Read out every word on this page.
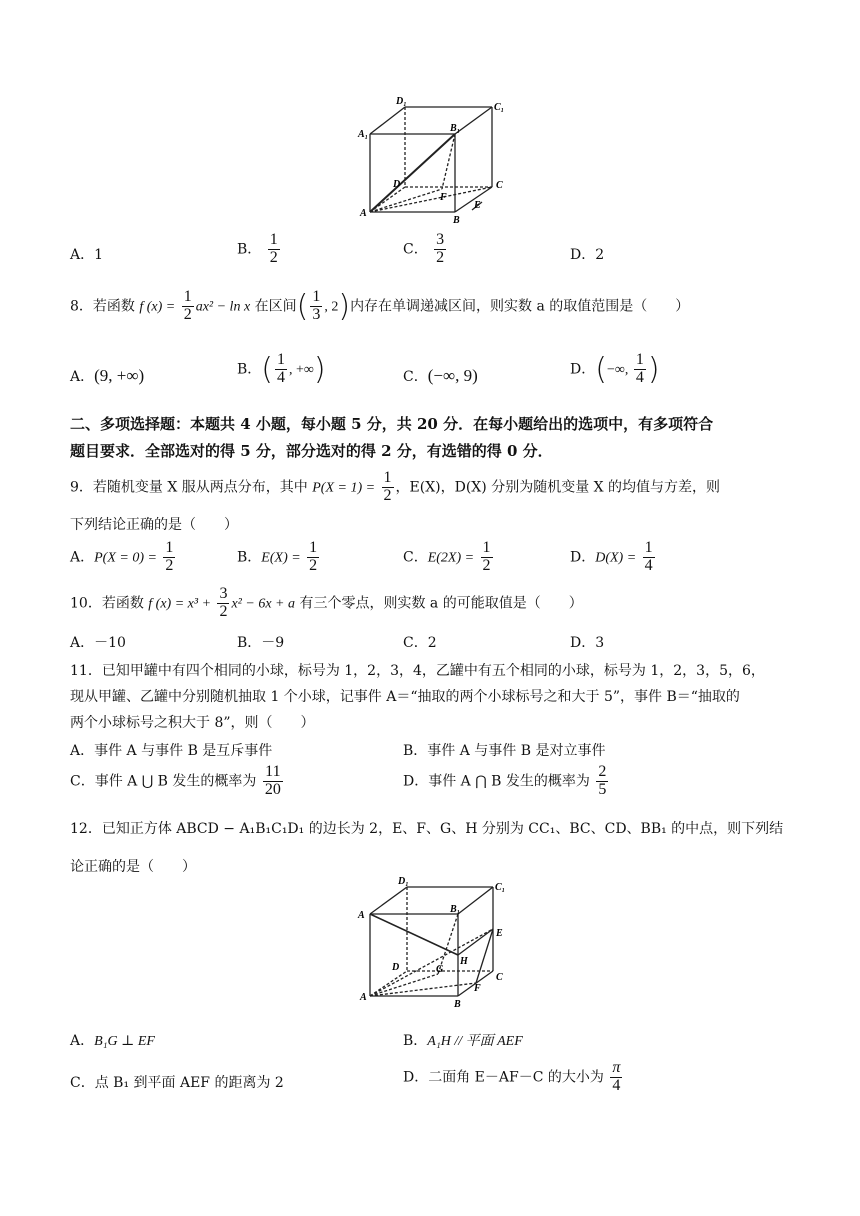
D₁
C₁
A₁
B₁
D	C
F
A
E
B
A．1	B． $\frac{1}{2}$	C． $\frac{3}{2}$	D．2
8．若函数 f $(x) = \frac{1}{2} ax^2 - \ln x$ 在区间( $\frac{1}{3}$ , 2)内存在单调递减区间，则实数 a 的取值范围是（　　）
A．(9, +∞)	B．( $\frac{1}{4}$ , +∞)	C．(−∞, 9)	D．(−∞, $\frac{1}{4}$ )
二、多项选择题：本题共 4 小题，每小题 5 分，共 20 分．在每小题给出的选项中，有多项符合
题目要求．全部选对的得 5 分，部分选对的得 2 分，有选错的得 0 分．
9．若随机变量 X 服从两点分布，其中 $P(X = 1) = \frac{1}{2}$ ，E(X)，D(X) 分别为随机变量 X 的均值与方差，则
下列结论正确的是（　　）
A．$P(X = 0) = \frac{1}{2}$	B．$E(X) = \frac{1}{2}$	C．$E(2X) = \frac{1}{2}$	D．$D(X) = \frac{1}{4}$
10．若函数 f $(x) = x^3 + \frac{3}{2} x^2 - 6x + a$ 有三个零点，则实数 a 的可能取值是（　　）
A．－10	B．－9	C．2	D．3
11．已知甲罐中有四个相同的小球，标号为 1，2，3，4，乙罐中有五个相同的小球，标号为 1，2，3，5，6，
现从甲罐、乙罐中分别随机抽取 1 个小球，记事件 A＝“抽取的两个小球标号之和大于 5”，事件 B＝“抽取的
两个小球标号之积大于 8”，则（　　）
A．事件 A 与事件 B 是互斥事件	B．事件 A 与事件 B 是对立事件
C．事件 A ⋃ B 发生的概率为 $\frac{11}{20}$	D．事件 A ⋂ B 发生的概率为 $\frac{2}{5}$
12．已知正方体 ABCD − A₁B₁C₁D₁ 的边长为 2，E、F、G、H 分别为 CC₁、BC、CD、BB₁ 的中点，则下列结
论正确的是（　　）
D₁
C₁
A
B₁
E
H
D	G
C
F
A
B
A．B₁G ⊥ EF	B．A₁H // 平面 AEF
C．点 B₁ 到平面 AEF 的距离为 2	D．二面角 E－AF－C 的大小为 $\frac{\pi}{4}$
